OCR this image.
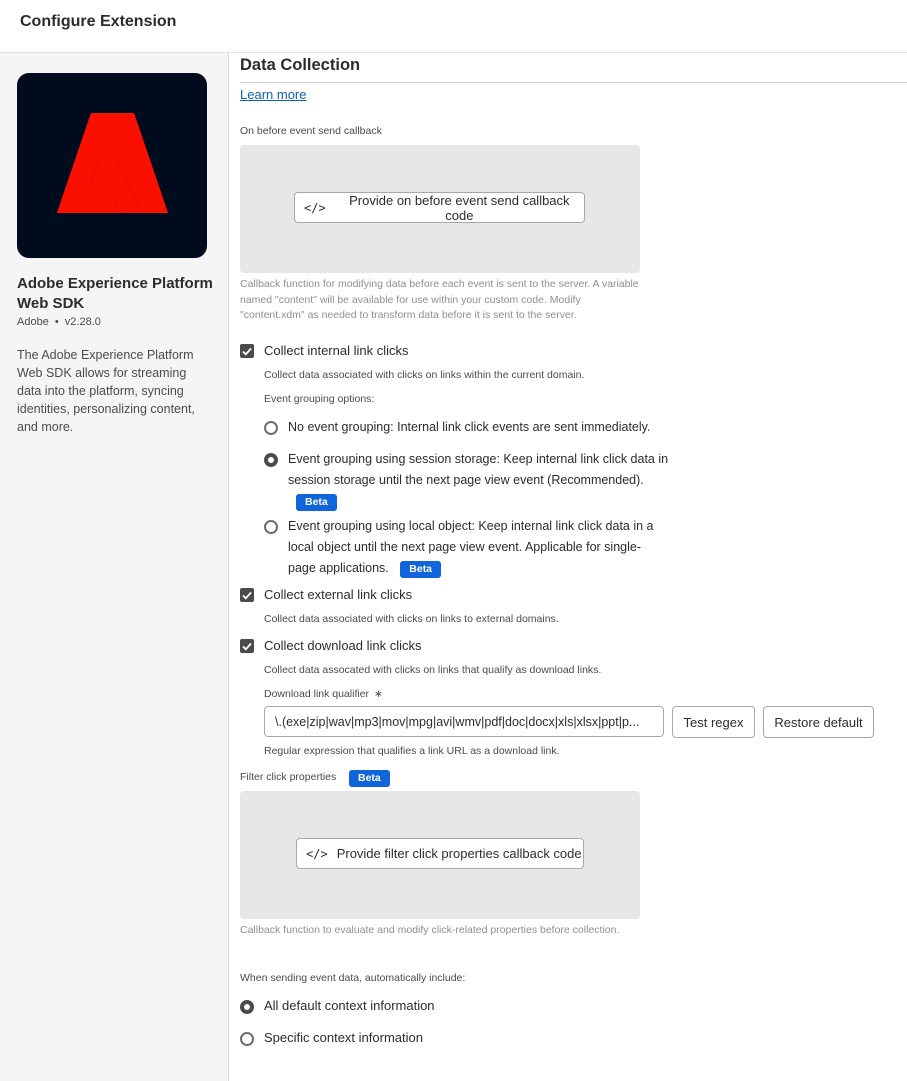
Configure Extension
Adobe Experience Platform Web SDK
Adobe • v2.28.0
The Adobe Experience Platform Web SDK allows for streaming data into the platform, syncing identities, personalizing content, and more.
Data Collection
Learn more
On before event send callback
</>	Provide on before event send callback code
Callback function for modifying data before each event is sent to the server. A variable named "content" will be available for use within your custom code. Modify "content.xdm" as needed to transform data before it is sent to the server.
Collect internal link clicks
Collect data associated with clicks on links within the current domain.
Event grouping options:
No event grouping: Internal link click events are sent immediately.
Event grouping using session storage: Keep internal link click data in session storage until the next page view event (Recommended).
Beta
Event grouping using local object: Keep internal link click data in a local object until the next page view event. Applicable for single-page applications. Beta
Collect external link clicks
Collect data associated with clicks on links to external domains.
Collect download link clicks
Collect data assocated with clicks on links that qualify as download links.
Download link qualifier ∗
\.(exe|zip|wav|mp3|mov|mpg|avi|wmv|pdf|doc|docx|xls|xlsx|ppt|p...	Test regex	Restore default
Regular expression that qualifies a link URL as a download link.
Filter click properties	Beta
</> Provide filter click properties callback code
Callback function to evaluate and modify click-related properties before collection.
When sending event data, automatically include:
All default context information
Specific context information
